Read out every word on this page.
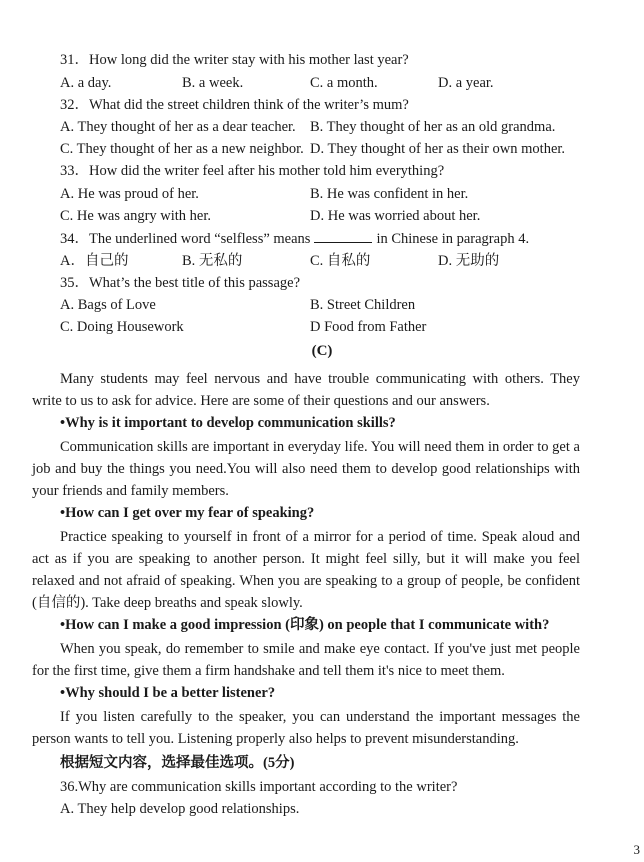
31．How long did the writer stay with his mother last year?
A. a day.	B. a week.	C. a month.	D. a year.
32．What did the street children think of the writer’s mum?
A. They thought of her as a dear teacher. B. They thought of her as an old grandma.
C. They thought of her as a new neighbor. D. They thought of her as their own mother.
33．How did the writer feel after his mother told him everything?
A. He was proud of her.	B. He was confident in her.
C. He was angry with her.	D. He was worried about her.
34．The underlined word “selfless” means	in Chinese in paragraph 4.
A．自己的	B. 无私的	C. 自私的	D. 无助的
35．What’s the best title of this passage?
A. Bags of Love	B. Street Children
C. Doing Housework	D Food from Father
(C)

Many students may feel nervous and have trouble communicating with others. They write to us to ask for advice. Here are some of their questions and our answers.

•Why is it important to develop communication skills?

Communication skills are important in everyday life. You will need them in order to get a job and buy the things you need.You will also need them to develop good relationships with your friends and family members.

•How can I get over my fear of speaking?

Practice speaking to yourself in front of a mirror for a period of time. Speak aloud and act as if you are speaking to another person. It might feel silly, but it will make you feel relaxed and not afraid of speaking. When you are speaking to a group of people, be confident (自信的). Take deep breaths and speak slowly.

•How can I make a good impression (印象) on people that I communicate with?

When you speak, do remember to smile and make eye contact. If you've just met people for the first time, give them a firm handshake and tell them it's nice to meet them.

•Why should I be a better listener?

If you listen carefully to the speaker, you can understand the important messages the person wants to tell you. Listening properly also helps to prevent misunderstanding.

根据短文内容，选择最佳选项。(5分)
36.Why are communication skills important according to the writer?
A. They help develop good relationships.
3
